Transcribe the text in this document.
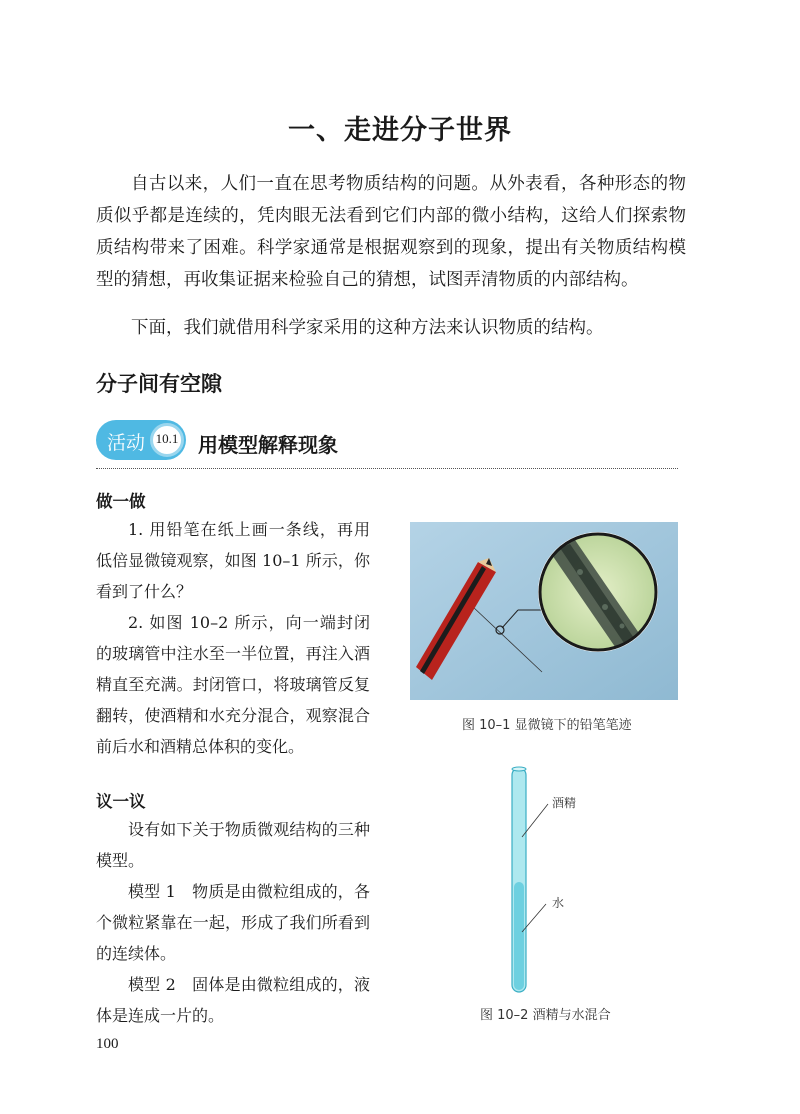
一、走进分子世界

自古以来，人们一直在思考物质结构的问题。从外表看，各种形态的物质似乎都是连续的，凭肉眼无法看到它们内部的微小结构，这给人们探索物质结构带来了困难。科学家通常是根据观察到的现象，提出有关物质结构模型的猜想，再收集证据来检验自己的猜想，试图弄清物质的内部结构。

下面，我们就借用科学家采用的这种方法来认识物质的结构。

分子间有空隙
活动 10.1 用模型解释现象
做一做

1. 用铅笔在纸上画一条线，再用低倍显微镜观察，如图 10–1 所示，你看到了什么？

2. 如图 10–2 所示，向一端封闭的玻璃管中注水至一半位置，再注入酒精直至充满。封闭管口，将玻璃管反复翻转，使酒精和水充分混合，观察混合前后水和酒精总体积的变化。

议一议

设有如下关于物质微观结构的三种模型。

模型 1　物质是由微粒组成的，各个微粒紧靠在一起，形成了我们所看到的连续体。

模型 2　固体是由微粒组成的，液体是连成一片的。

图 10–1 显微镜下的铅笔笔迹
酒精
水
图 10–2 酒精与水混合
100
